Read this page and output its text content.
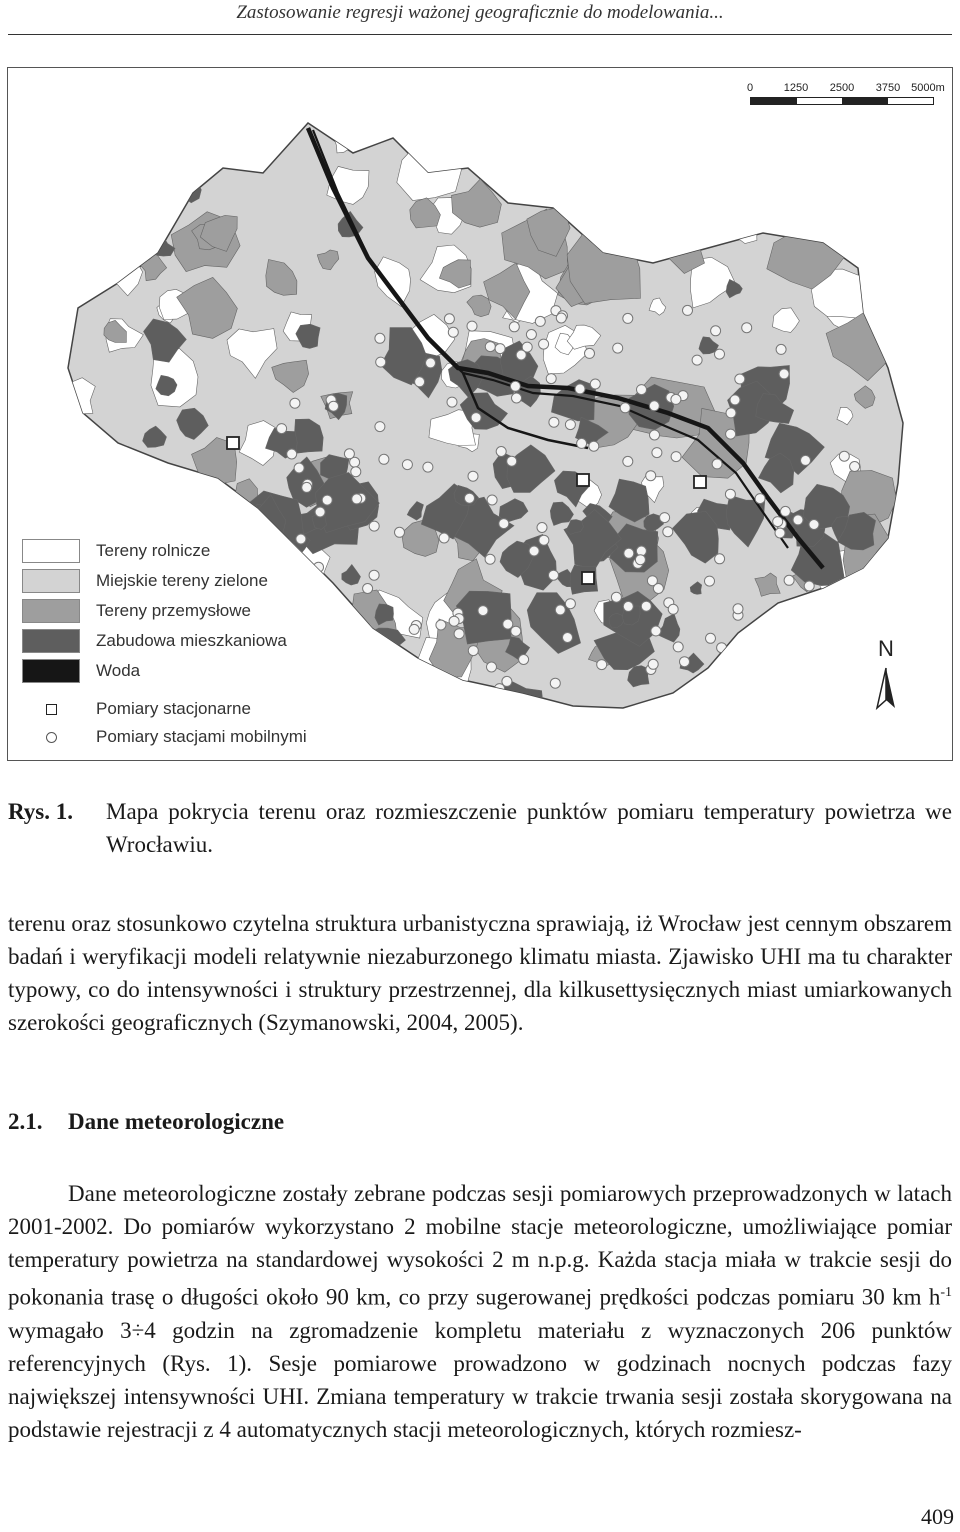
Zastosowanie regresji ważonej geograficznie do modelowania...
0	1250 2500 3750 5000m
Tereny rolnicze
Miejskie tereny zielone
Tereny przemysłowe
Zabudowa mieszkaniowa
Woda
Pomiary stacjonarne
Pomiary stacjami mobilnymi
N
Rys. 1. Mapa pokrycia terenu oraz rozmieszczenie punktów pomiaru temperatury powietrza we Wrocławiu.

terenu oraz stosunkowo czytelna struktura urbanistyczna sprawiają, iż Wrocław jest cennym obszarem badań i weryfikacji modeli relatywnie niezaburzonego klimatu miasta. Zjawisko UHI ma tu charakter typowy, co do intensywności i struktury przestrzennej, dla kilkusettysięcznych miast umiarkowanych szerokości geograficznych (Szymanowski, 2004, 2005).

2.1. Dane meteorologiczne

Dane meteorologiczne zostały zebrane podczas sesji pomiarowych przeprowadzonych w latach 2001-2002. Do pomiarów wykorzystano 2 mobilne stacje meteorologiczne, umożliwiające pomiar temperatury powietrza na standardowej wysokości 2 m n.p.g. Każda stacja miała w trakcie sesji do pokonania trasę o długości około 90 km, co przy sugerowanej prędkości podczas pomiaru 30 km $h^{-1}$ wymagało 3÷4 godzin na zgromadzenie kompletu materiału z wyznaczonych 206 punktów referencyjnych (Rys. 1). Sesje pomiarowe prowadzono w godzinach nocnych podczas fazy największej intensywności UHI. Zmiana temperatury w trakcie trwania sesji została skorygowana na podstawie rejestracji z 4 automatycznych stacji meteorologicznych, których rozmiesz-

409
